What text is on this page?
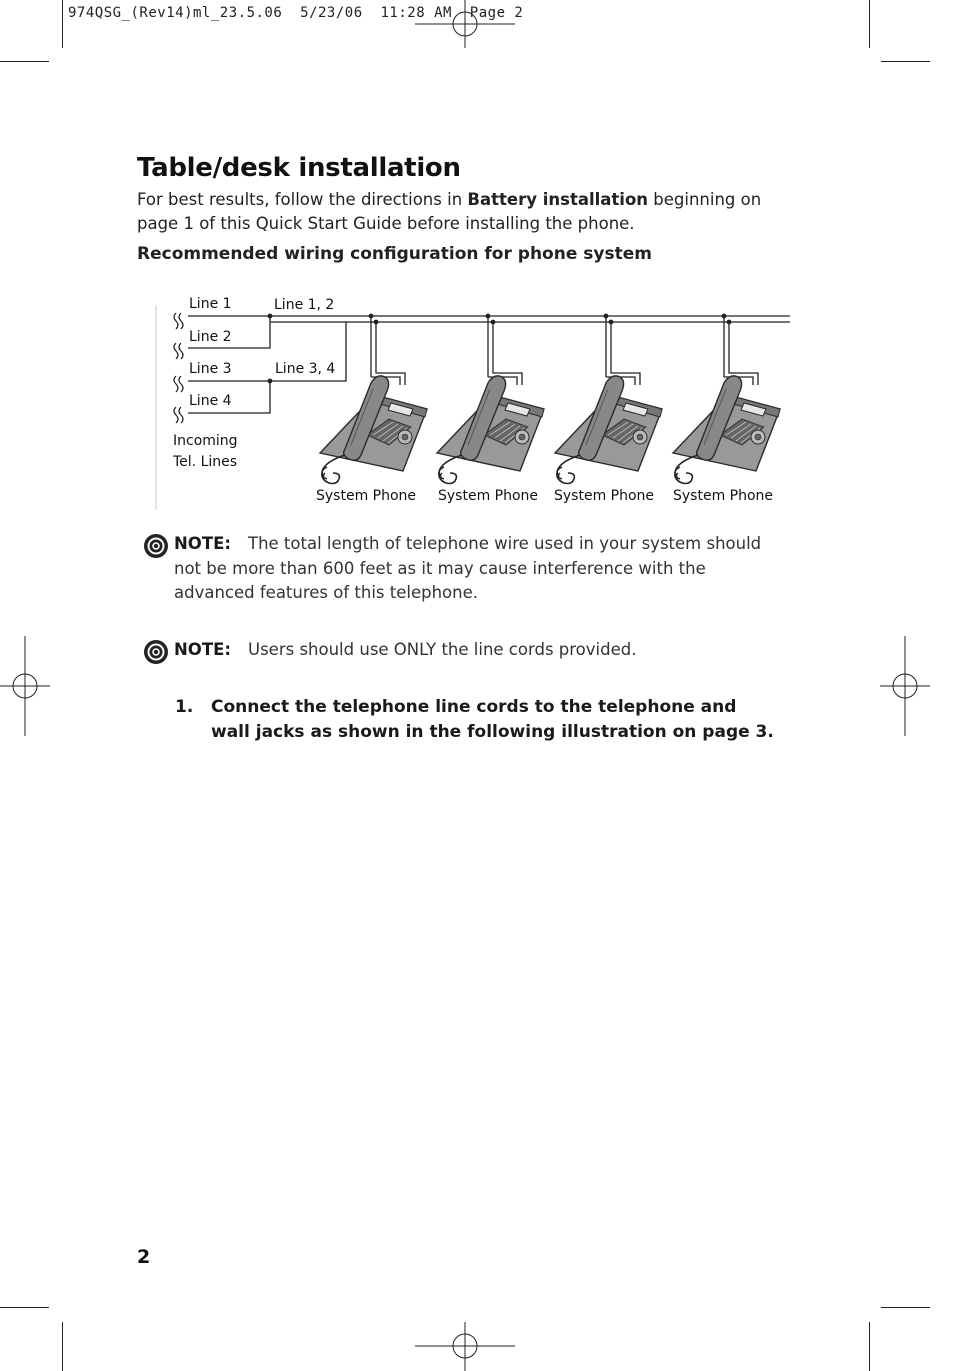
974QSG_(Rev14)ml_23.5.06  5/23/06  11:28 AM  Page 2
Table/desk installation

For best results, follow the directions in Battery installation beginning on page 1 of this Quick Start Guide before installing the phone.

Recommended wiring configuration for phone system
Line 1
Line 2
Line 3
Line 4
Line 1, 2
Line 3, 4
Incoming
Tel. Lines
System Phone System Phone System Phone System Phone
NOTE:	The total length of telephone wire used in your system should not be more than 600 feet as it may cause interference with the advanced features of this telephone.
NOTE:	Users should use ONLY the line cords provided.
1. Connect the telephone line cords to the telephone and wall jacks as shown in the following illustration on page 3.
2
